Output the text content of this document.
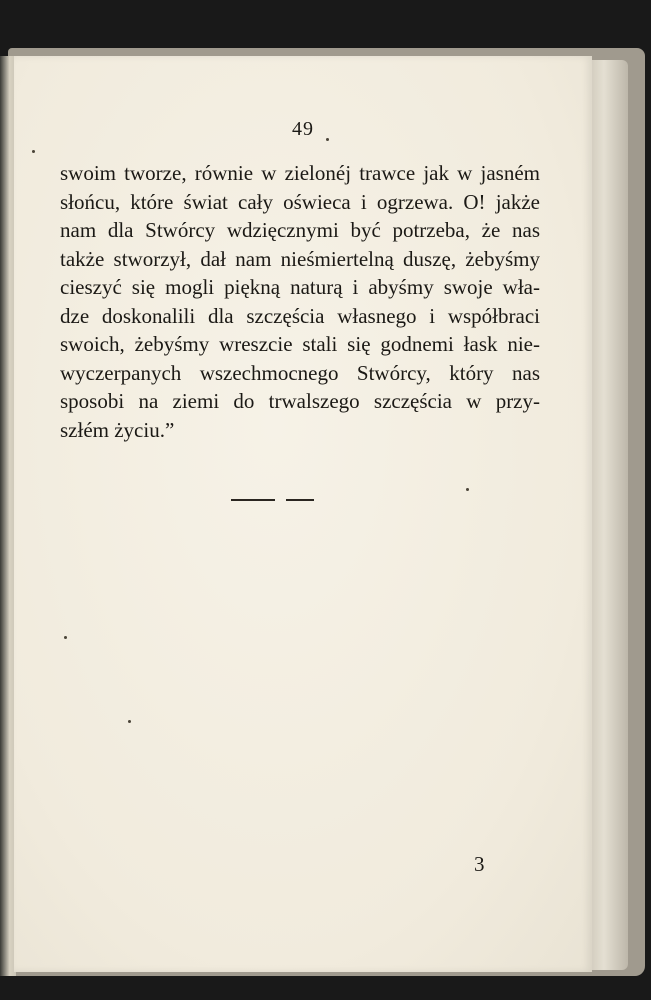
49
swoim tworze, równie w zielonéj trawce jak w jasném
słońcu, które świat cały oświeca i ogrzewa. O! jakże
nam dla Stwórcy wdzięcznymi być potrzeba, że nas
także stworzył, dał nam nieśmiertelną duszę, żebyśmy
cieszyć się mogli piękną naturą i abyśmy swoje wła-
dze doskonalili dla szczęścia własnego i współbraci
swoich, żebyśmy wreszcie stali się godnemi łask nie-
wyczerpanych wszechmocnego Stwórcy, który nas
sposobi na ziemi do trwalszego szczęścia w przy-
szłém życiu.”
3
